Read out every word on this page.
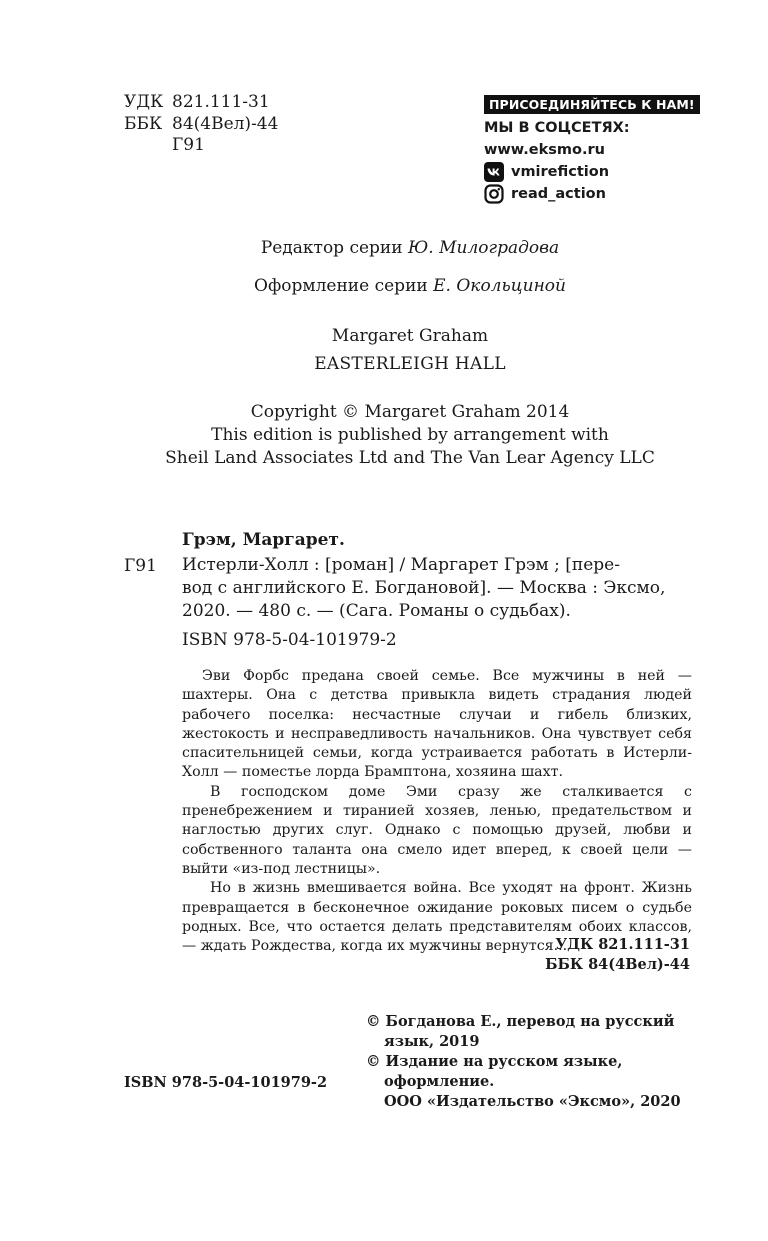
УДК 821.111-31
ББК 84(4Вел)-44
Г91
ПРИСОЕДИНЯЙТЕСЬ К НАМ!
МЫ В СОЦСЕТЯХ:
www.eksmo.ru
vmirefiction
read_action
Редактор серии Ю. Милоградова
Оформление серии Е. Окольциной
Margaret Graham
EASTERLEIGH HALL
Copyright © Margaret Graham 2014
This edition is published by arrangement with
Sheil Land Associates Ltd and The Van Lear Agency LLC
Грэм, Маргарет.
Г91 Истерли-Холл : [роман] / Маргарет Грэм ; [пере-
вод с английского Е. Богдановой]. — Москва : Эксмо,
2020. — 480 с. — (Сага. Романы о судьбах).
ISBN 978-5-04-101979-2

Эви Форбс предана своей семье. Все мужчины в ней — шахтеры. Она с детства привыкла видеть страдания людей рабочего поселка: несчастные случаи и гибель близких, жестокость и несправедливость начальников. Она чувствует себя спасительницей семьи, когда устраивается работать в Истерли-Холл — поместье лорда Брамптона, хозяина шахт.

В господском доме Эми сразу же сталкивается с пренебрежением и тиранией хозяев, ленью, предательством и наглостью других слуг. Однако с помощью друзей, любви и собственного таланта она смело идет вперед, к своей цели — выйти «из-под лестницы».

Но в жизнь вмешивается война. Все уходят на фронт. Жизнь превращается в бесконечное ожидание роковых писем о судьбе родных. Все, что остается делать представителям обоих классов, — ждать Рождества, когда их мужчины вернутся...

УДК 821.111-31
ББК 84(4Вел)-44
© Богданова Е., перевод на русский язык, 2019
© Издание на русском языке, оформление.
ООО «Издательство «Эксмо», 2020
ISBN 978-5-04-101979-2
